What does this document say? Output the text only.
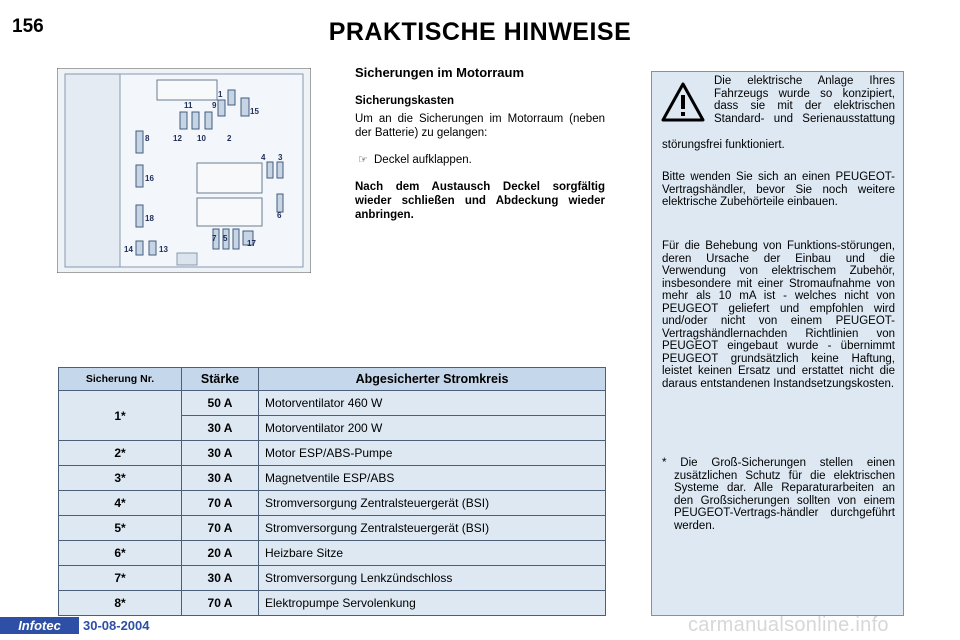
156	PRAKTISCHE HINWEISE
1
2
3
4
5
6
7
8
9
10
11
12
13
14
15
16
17
18
Sicherungen im Motorraum
Sicherungskasten
Um an die Sicherungen im Motorraum (neben der Batterie) zu gelangen:
☞ Deckel aufklappen.
Nach dem Austausch Deckel sorgfältig wieder schließen und Abdeckung wieder anbringen.
Die elektrische Anlage Ihres Fahrzeugs wurde so konzipiert, dass sie mit der elektrischen Standard- und Serienausstattung
störungsfrei funktioniert.
Bitte wenden Sie sich an einen PEUGEOT-Vertragshändler, bevor Sie noch weitere elektrische Zubehörteile einbauen.
Für die Behebung von Funktions-störungen, deren Ursache der Einbau und die Verwendung von elektrischem Zubehör, insbesondere mit einer Stromaufnahme von mehr als 10 mA ist - welches nicht von PEUGEOT geliefert und empfohlen wird und/oder nicht von einem PEUGEOT-Vertragshändlernachden Richtlinien von PEUGEOT eingebaut wurde - übernimmt PEUGEOT grundsätzlich keine Haftung, leistet keinen Ersatz und erstattet nicht die daraus entstandenen Instandsetzungskosten.
* Die Groß-Sicherungen stellen einen zusätzlichen Schutz für die elektrischen Systeme dar. Alle Reparaturarbeiten an den Großsicherungen sollten von einem PEUGEOT-Vertrags-händler durchgeführt werden.
Sicherung Nr.	Stärke	Abgesicherter Stromkreis
1*	50 A	Motorventilator 460 W
	30 A	Motorventilator 200 W
2*	30 A	Motor ESP/ABS-Pumpe
3*	30 A	Magnetventile ESP/ABS
4*	70 A	Stromversorgung Zentralsteuergerät (BSI)
5*	70 A	Stromversorgung Zentralsteuergerät (BSI)
6*	20 A	Heizbare Sitze
7*	30 A	Stromversorgung Lenkzündschloss
8*	70 A	Elektropumpe Servolenkung
Infotec	30-08-2004	carmanualsonline.info
